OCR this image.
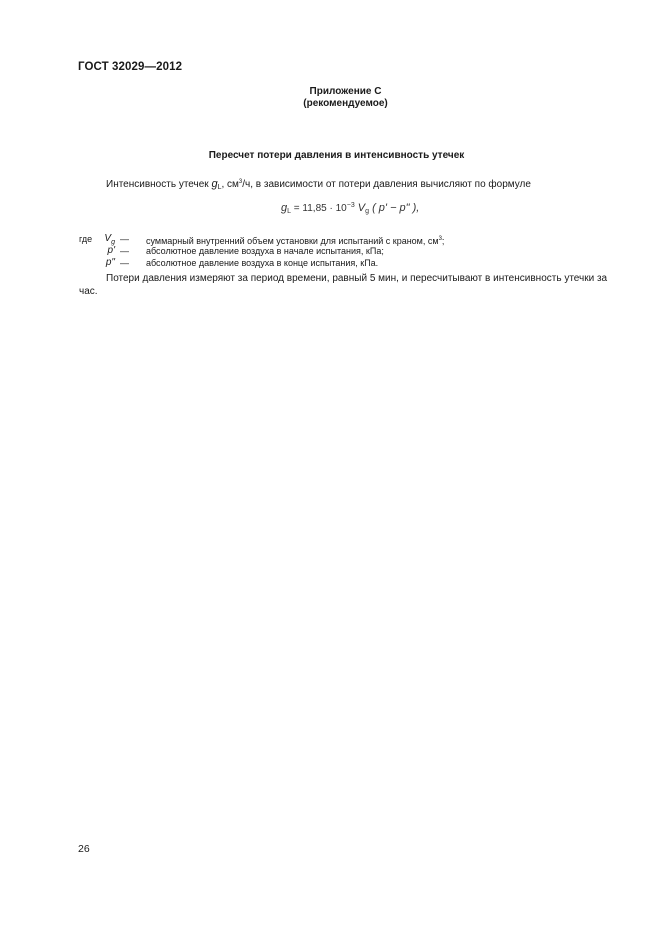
ГОСТ 32029—2012
Приложение С
(рекомендуемое)
Пересчет потери давления в интенсивность утечек
Интенсивность утечек $g_L$, $см^3/ч$, в зависимости от потери давления вычисляют по формуле
$g_L = 11,85 \cdot 10^{-3}$ $V_g$ ( p' − p" ),
где	$V_g$ — суммарный внутренний объем установки для испытаний с краном, $см^3$;
p' — абсолютное давление воздуха в начале испытания, кПа;
p" — абсолютное давление воздуха в конце испытания, кПа.
Потери давления измеряют за период времени, равный 5 мин, и пересчитывают в интенсивность утечки за час.
26
